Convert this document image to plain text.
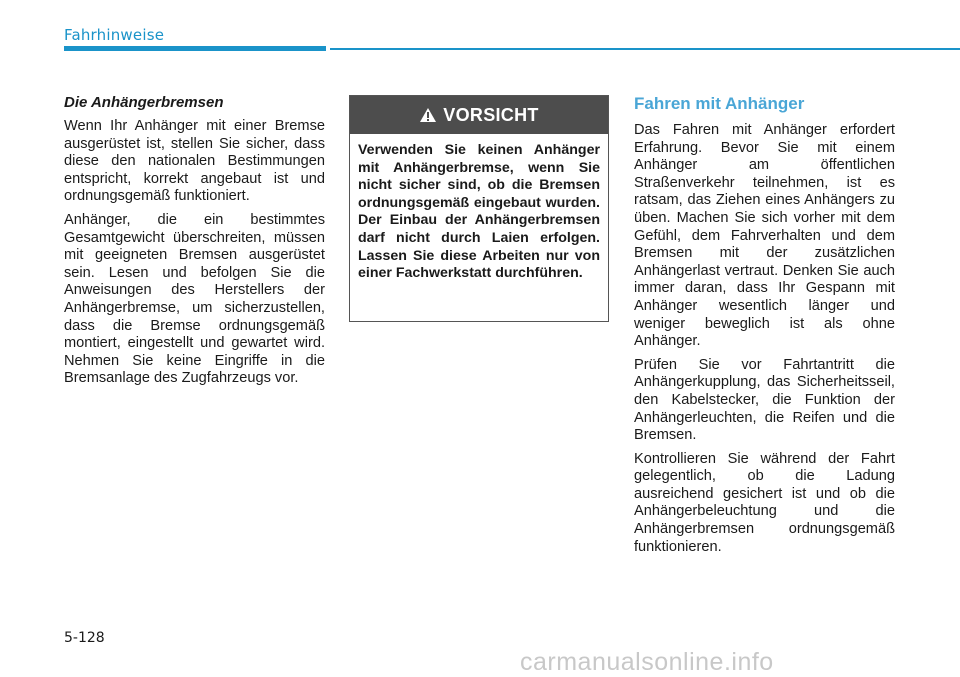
Fahrhinweise
Die Anhängerbremsen

Wenn Ihr Anhänger mit einer Bremse ausgerüstet ist, stellen Sie sicher, dass diese den nationalen Bestimmungen entspricht, korrekt angebaut ist und ordnungsgemäß funktioniert.

Anhänger, die ein bestimmtes Gesamtgewicht überschreiten, müssen mit geeigneten Bremsen ausgerüstet sein. Lesen und befolgen Sie die Anweisungen des Herstellers der Anhängerbremse, um sicherzustellen, dass die Bremse ordnungsgemäß montiert, eingestellt und gewartet wird. Nehmen Sie keine Eingriffe in die Bremsanlage des Zugfahrzeugs vor.

VORSICHT
Verwenden Sie keinen Anhänger mit Anhängerbremse, wenn Sie nicht sicher sind, ob die Bremsen ordnungsgemäß eingebaut wurden. Der Einbau der Anhängerbremsen darf nicht durch Laien erfolgen. Lassen Sie diese Arbeiten nur von einer Fachwerkstatt durchführen.
Fahren mit Anhänger

Das Fahren mit Anhänger erfordert Erfahrung. Bevor Sie mit einem Anhänger am öffentlichen Straßenverkehr teilnehmen, ist es ratsam, das Ziehen eines Anhängers zu üben. Machen Sie sich vorher mit dem Gefühl, dem Fahrverhalten und dem Bremsen mit der zusätzlichen Anhängerlast vertraut. Denken Sie auch immer daran, dass Ihr Gespann mit Anhänger wesentlich länger und weniger beweglich ist als ohne Anhänger.

Prüfen Sie vor Fahrtantritt die Anhängerkupplung, das Sicherheitsseil, den Kabelstecker, die Funktion der Anhängerleuchten, die Reifen und die Bremsen.

Kontrollieren Sie während der Fahrt gelegentlich, ob die Ladung ausreichend gesichert ist und ob die Anhängerbeleuchtung und die Anhängerbremsen ordnungsgemäß funktionieren.

5-128
carmanualsonline.info
